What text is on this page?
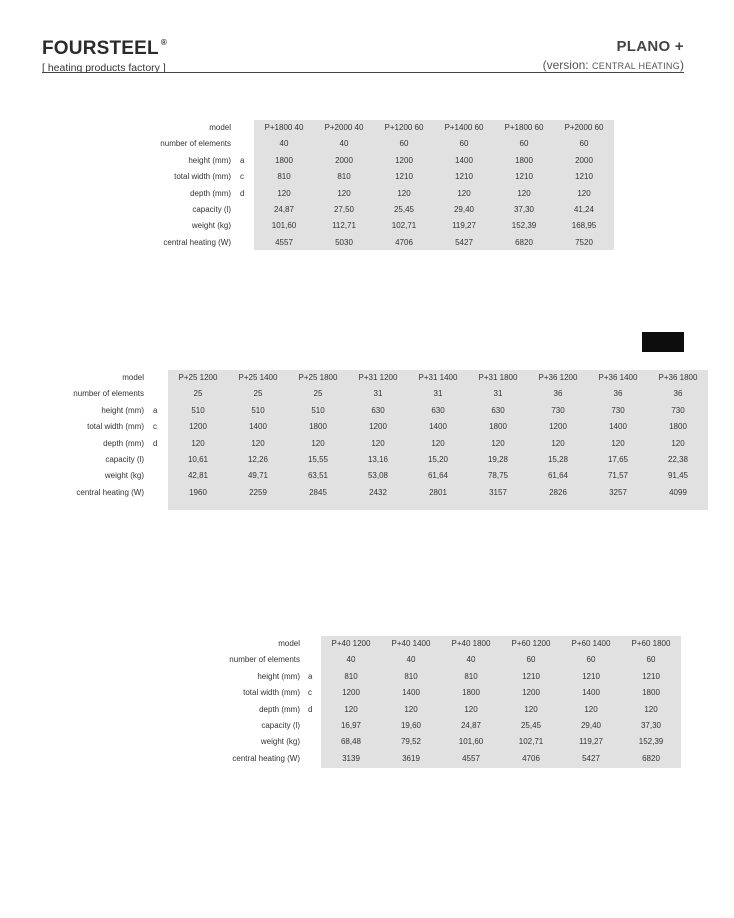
FOURSTEEL ®
[ heating products factory ]
PLANO +
(version: CENTRAL HEATING)
model
number of elements
height (mm) a
total width (mm) c
depth (mm) d
capacity (l)
weight (kg)
central heating (W)
P+1800 40
40
1800
810
120
24,87
101,60
4557
P+2000 40
40
2000
810
120
27,50
112,71
5030
P+1200 60
60
1200
1210
120
25,45
102,71
4706
P+1400 60
60
1400
1210
120
29,40
119,27
5427
P+1800 60
60
1800
1210
120
37,30
152,39
6820
P+2000 60
60
2000
1210
120
41,24
168,95
7520
model
number of elements
height (mm) a
total width (mm) c
depth (mm) d
capacity (l)
weight (kg)
central heating (W)
P+25 1200
25
510
1200
120
10,61
42,81
1960
P+25 1400
25
510
1400
120
12,26
49,71
2259
P+25 1800
25
510
1800
120
15,55
63,51
2845
P+31 1200
31
630
1200
120
13,16
53,08
2432
P+31 1400
31
630
1400
120
15,20
61,64
2801
P+31 1800
31
630
1800
120
19,28
78,75
3157
P+36 1200
36
730
1200
120
15,28
61,64
2826
P+36 1400
36
730
1400
120
17,65
71,57
3257
P+36 1800
36
730
1800
120
22,38
91,45
4099
model
number of elements
height (mm) a
total width (mm) c
depth (mm) d
capacity (l)
weight (kg)
central heating (W)
P+40 1200
40
810
1200
120
16,97
68,48
3139
P+40 1400
40
810
1400
120
19,60
79,52
3619
P+40 1800
40
810
1800
120
24,87
101,60
4557
P+60 1200
60
1210
1200
120
25,45
102,71
4706
P+60 1400
60
1210
1400
120
29,40
119,27
5427
P+60 1800
60
1210
1800
120
37,30
152,39
6820
